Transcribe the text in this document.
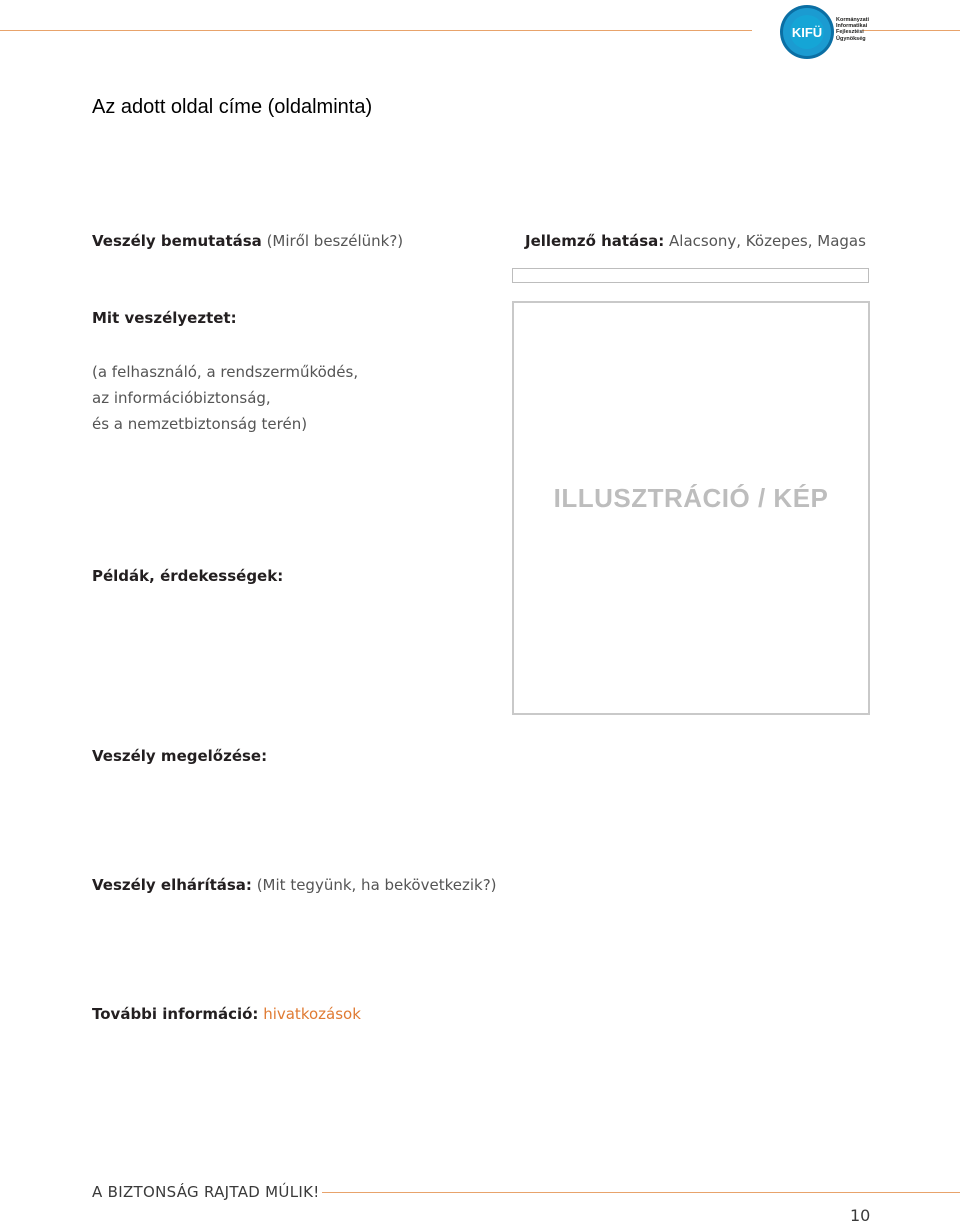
KIFÜ
Kormányzati
Informatikai
Fejlesztési
Ügynökség
Az adott oldal címe (oldalminta)
Veszély bemutatása (Miről beszélünk?)	Jellemző hatása: Alacsony, Közepes, Magas
Mit veszélyeztet:
(a felhasználó, a rendszerműködés,
az információbiztonság,
és a nemzetbiztonság terén)
ILLUSZTRÁCIÓ / KÉP
Példák, érdekességek:
Veszély megelőzése:
Veszély elhárítása: (Mit tegyünk, ha bekövetkezik?)
További információ: hivatkozások
A BIZTONSÁG RAJTAD MÚLIK!
10
